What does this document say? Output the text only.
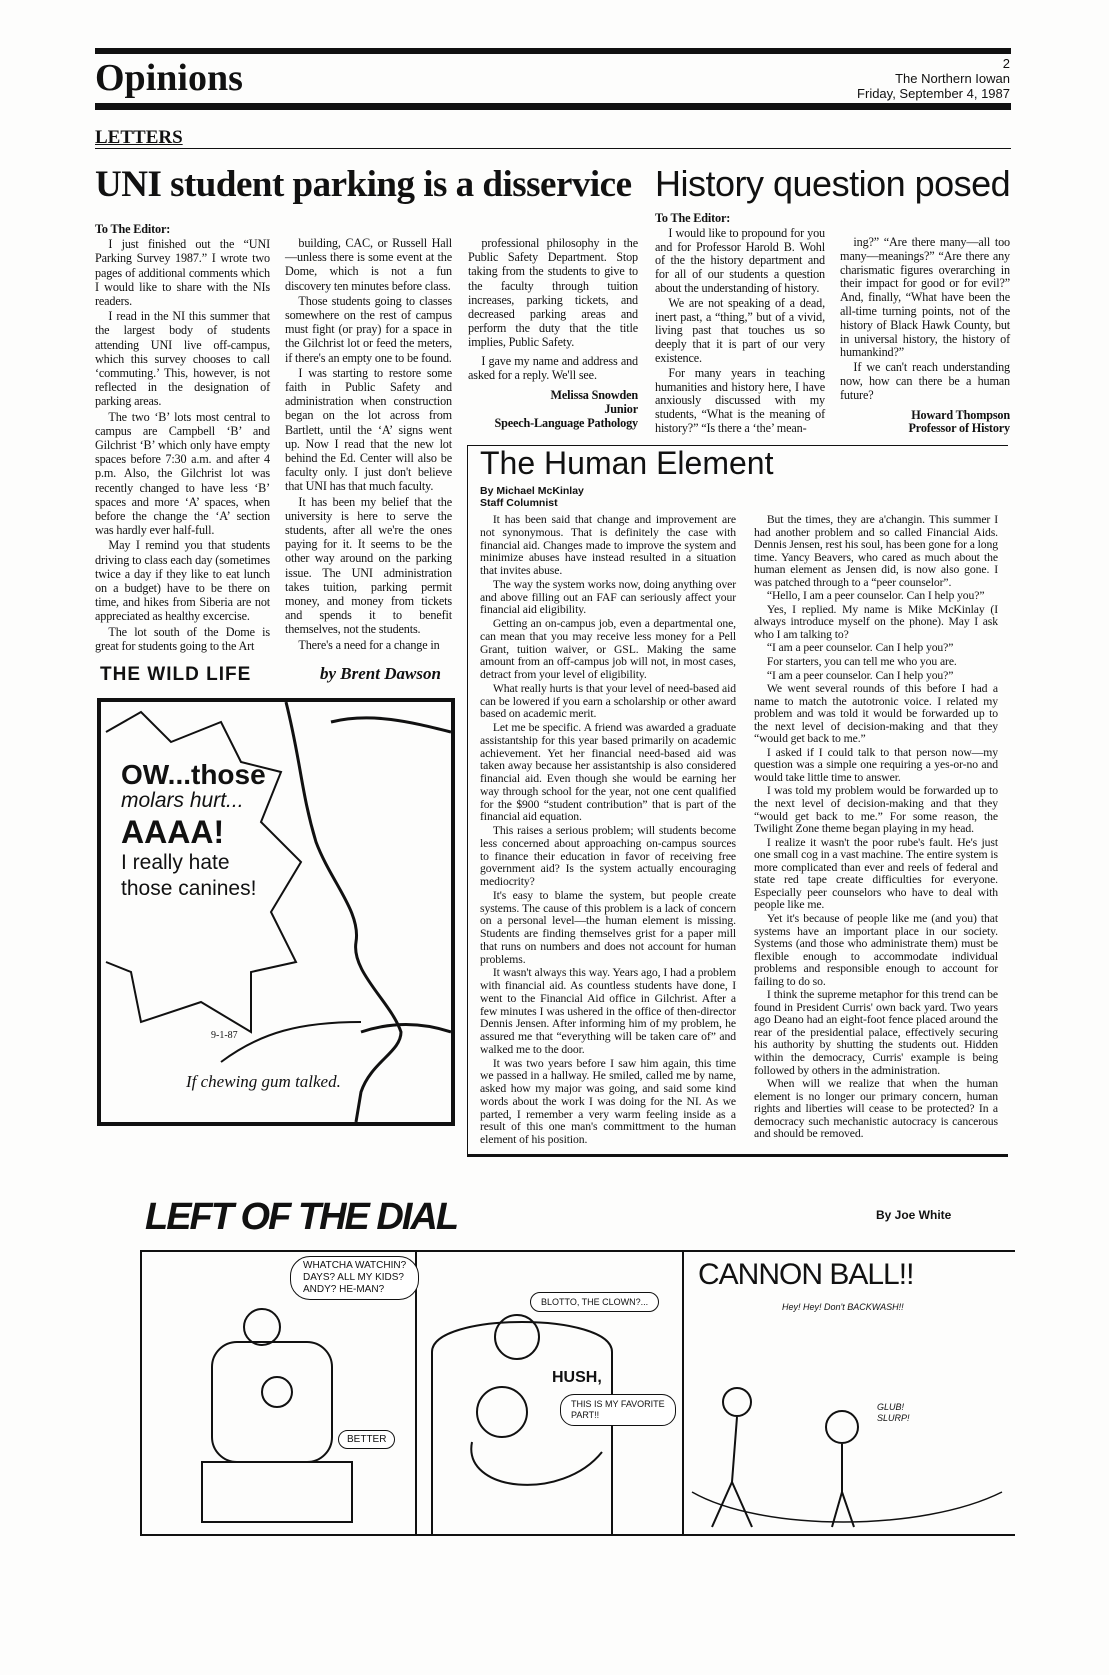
Opinions	2
The Northern Iowan
Friday, September 4, 1987
LETTERS
UNI student parking is a disservice History question posed

To The Editor:

I just finished out the “UNI Parking Survey 1987.” I wrote two pages of additional comments which I would like to share with the NIs readers.

I read in the NI this summer that the largest body of students attending UNI live off-campus, which this survey chooses to call ‘commuting.’ This, however, is not reflected in the designation of parking areas.

The two ‘B’ lots most central to campus are Campbell ‘B’ and Gilchrist ‘B’ which only have empty spaces before 7:30 a.m. and after 4 p.m. Also, the Gilchrist lot was recently changed to have less ‘B’ spaces and more ‘A’ spaces, when before the change the ‘A’ section was hardly ever half-full.

May I remind you that students driving to class each day (sometimes twice a day if they like to eat lunch on a budget) have to be there on time, and hikes from Siberia are not appreciated as healthy excercise.

The lot south of the Dome is great for students going to the Art

building, CAC, or Russell Hall—unless there is some event at the Dome, which is not a fun discovery ten minutes before class.

Those students going to classes somewhere on the rest of campus must fight (or pray) for a space in the Gilchrist lot or feed the meters, if there's an empty one to be found.

I was starting to restore some faith in Public Safety and administration when construction began on the lot across from Bartlett, until the ‘A’ signs went up. Now I read that the new lot behind the Ed. Center will also be faculty only. I just don't believe that UNI has that much faculty.

It has been my belief that the university is here to serve the students, after all we're the ones paying for it. It seems to be the other way around on the parking issue. The UNI administration takes tuition, parking permit money, and money from tickets and spends it to benefit themselves, not the students.

There's a need for a change in

professional philosophy in the Public Safety Department. Stop taking from the students to give to the faculty through tuition increases, parking tickets, and decreased parking areas and perform the duty that the title implies, Public Safety.

I gave my name and address and asked for a reply. We'll see.

Melissa Snowden
Junior
Speech-Language Pathology

To The Editor:

I would like to propound for you and for Professor Harold B. Wohl of the the history department and for all of our students a question about the understanding of history.

We are not speaking of a dead, inert past, a “thing,” but of a vivid, living past that touches us so deeply that it is part of our very existence.

For many years in teaching humanities and history here, I have anxiously discussed with my students, “What is the meaning of history?” “Is there a ‘the’ mean-

ing?” “Are there many—all too many—meanings?” “Are there any charismatic figures overarching in their impact for good or for evil?” And, finally, “What have been the all-time turning points, not of the history of Black Hawk County, but in universal history, the history of humankind?”

If we can't reach understanding now, how can there be a human future?

Howard Thompson
Professor of History
The Human Element
By Michael McKinlay
Staff Columnist

It has been said that change and improvement are not synonymous. That is definitely the case with financial aid. Changes made to improve the system and minimize abuses have instead resulted in a situation that invites abuse.

The way the system works now, doing anything over and above filling out an FAF can seriously affect your financial aid eligibility.

Getting an on-campus job, even a departmental one, can mean that you may receive less money for a Pell Grant, tuition waiver, or GSL. Making the same amount from an off-campus job will not, in most cases, detract from your level of eligibility.

What really hurts is that your level of need-based aid can be lowered if you earn a scholarship or other award based on academic merit.

Let me be specific. A friend was awarded a graduate assistantship for this year based primarily on academic achievement. Yet her financial need-based aid was taken away because her assistantship is also considered financial aid. Even though she would be earning her way through school for the year, not one cent qualified for the $900 “student contribution” that is part of the financial aid equation.

This raises a serious problem; will students become less concerned about approaching on-campus sources to finance their education in favor of receiving free government aid? Is the system actually encouraging mediocrity?

It's easy to blame the system, but people create systems. The cause of this problem is a lack of concern on a personal level—the human element is missing. Students are finding themselves grist for a paper mill that runs on numbers and does not account for human problems.

It wasn't always this way. Years ago, I had a problem with financial aid. As countless students have done, I went to the Financial Aid office in Gilchrist. After a few minutes I was ushered in the office of then-director Dennis Jensen. After informing him of my problem, he assured me that “everything will be taken care of” and walked me to the door.

It was two years before I saw him again, this time we passed in a hallway. He smiled, called me by name, asked how my major was going, and said some kind words about the work I was doing for the NI. As we parted, I remember a very warm feeling inside as a result of this one man's committment to the human element of his position.

But the times, they are a'changin. This summer I had another problem and so called Financial Aids. Dennis Jensen, rest his soul, has been gone for a long time. Yancy Beavers, who cared as much about the human element as Jensen did, is now also gone. I was patched through to a “peer counselor”.

“Hello, I am a peer counselor. Can I help you?”

Yes, I replied. My name is Mike McKinlay (I always introduce myself on the phone). May I ask who I am talking to?

“I am a peer counselor. Can I help you?”

For starters, you can tell me who you are.

“I am a peer counselor. Can I help you?”

We went several rounds of this before I had a name to match the autotronic voice. I related my problem and was told it would be forwarded up to the next level of decision-making and that they “would get back to me.”

I asked if I could talk to that person now—my question was a simple one requiring a yes-or-no and would take little time to answer.

I was told my problem would be forwarded up to the next level of decision-making and that they “would get back to me.” For some reason, the Twilight Zone theme began playing in my head.

I realize it wasn't the poor rube's fault. He's just one small cog in a vast machine. The entire system is more complicated than ever and reels of federal and state red tape create difficulties for everyone. Especially peer counselors who have to deal with people like me.

Yet it's because of people like me (and you) that systems have an important place in our society. Systems (and those who administrate them) must be flexible enough to accommodate individual problems and responsible enough to account for failing to do so.

I think the supreme metaphor for this trend can be found in President Curris' own back yard. Two years ago Deano had an eight-foot fence placed around the rear of the presidential palace, effectively securing his authority by shutting the students out. Hidden within the democracy, Curris' example is being followed by others in the administration.

When will we realize that when the human element is no longer our primary concern, human rights and liberties will cease to be protected? In a democracy such mechanistic autocracy is cancerous and should be removed.

THE WILD LIFE	by Brent Dawson
OW...those
molars hurt...
AAAA!
I really hate
those canines!
9-1-87
If chewing gum talked.
LEFT OF THE DIAL	By Joe White
WHATCHA WATCHIN?
DAYS? ALL MY KIDS?
ANDY? HE-MAN?
BETTER
BLOTTO, THE CLOWN?...
HUSH,
THIS IS MY FAVORITE
PART!!
CANNON BALL!!
Hey! Hey! Don't BACKWASH!!
GLUB!
SLURP!
